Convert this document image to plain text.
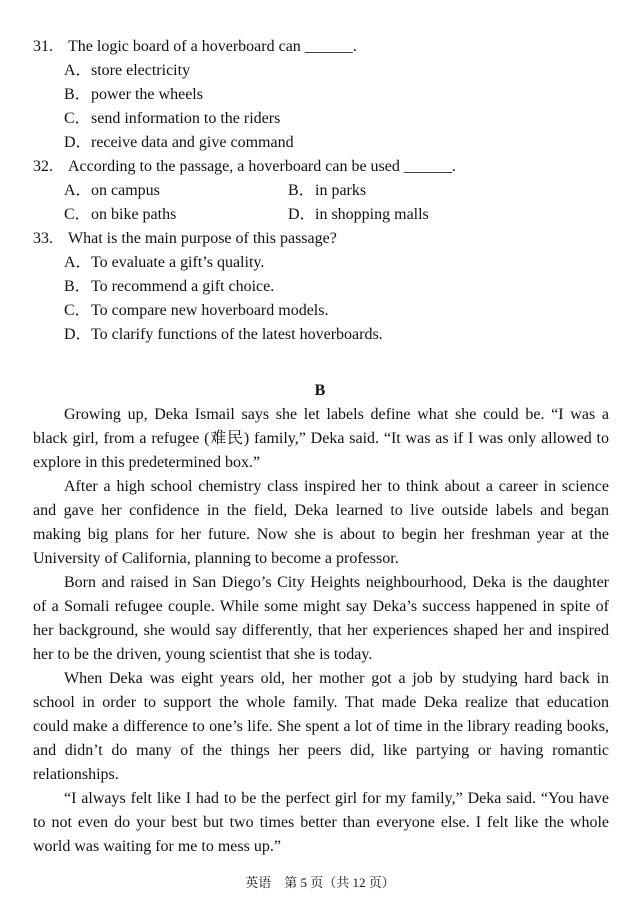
31. The logic board of a hoverboard can ______.
A．store electricity
B．power the wheels
C．send information to the riders
D．receive data and give command
32. According to the passage, a hoverboard can be used ______.
A．on campus	B．in parks
C．on bike paths	D．in shopping malls
33. What is the main purpose of this passage?
A．To evaluate a gift’s quality.
B．To recommend a gift choice.
C．To compare new hoverboard models.
D．To clarify functions of the latest hoverboards.
B
Growing up, Deka Ismail says she let labels define what she could be. “I was a
black girl, from a refugee (难民) family,” Deka said. “It was as if I was only allowed to
explore in this predetermined box.”
After a high school chemistry class inspired her to think about a career in science
and gave her confidence in the field, Deka learned to live outside labels and began
making big plans for her future. Now she is about to begin her freshman year at the
University of California, planning to become a professor.
Born and raised in San Diego’s City Heights neighbourhood, Deka is the daughter
of a Somali refugee couple. While some might say Deka’s success happened in spite of
her background, she would say differently, that her experiences shaped her and inspired
her to be the driven, young scientist that she is today.
When Deka was eight years old, her mother got a job by studying hard back in
school in order to support the whole family. That made Deka realize that education
could make a difference to one’s life. She spent a lot of time in the library reading books,
and didn’t do many of the things her peers did, like partying or having romantic
relationships.
“I always felt like I had to be the perfect girl for my family,” Deka said. “You have
to not even do your best but two times better than everyone else. I felt like the whole
world was waiting for me to mess up.”
英语　第 5 页（共 12 页）
